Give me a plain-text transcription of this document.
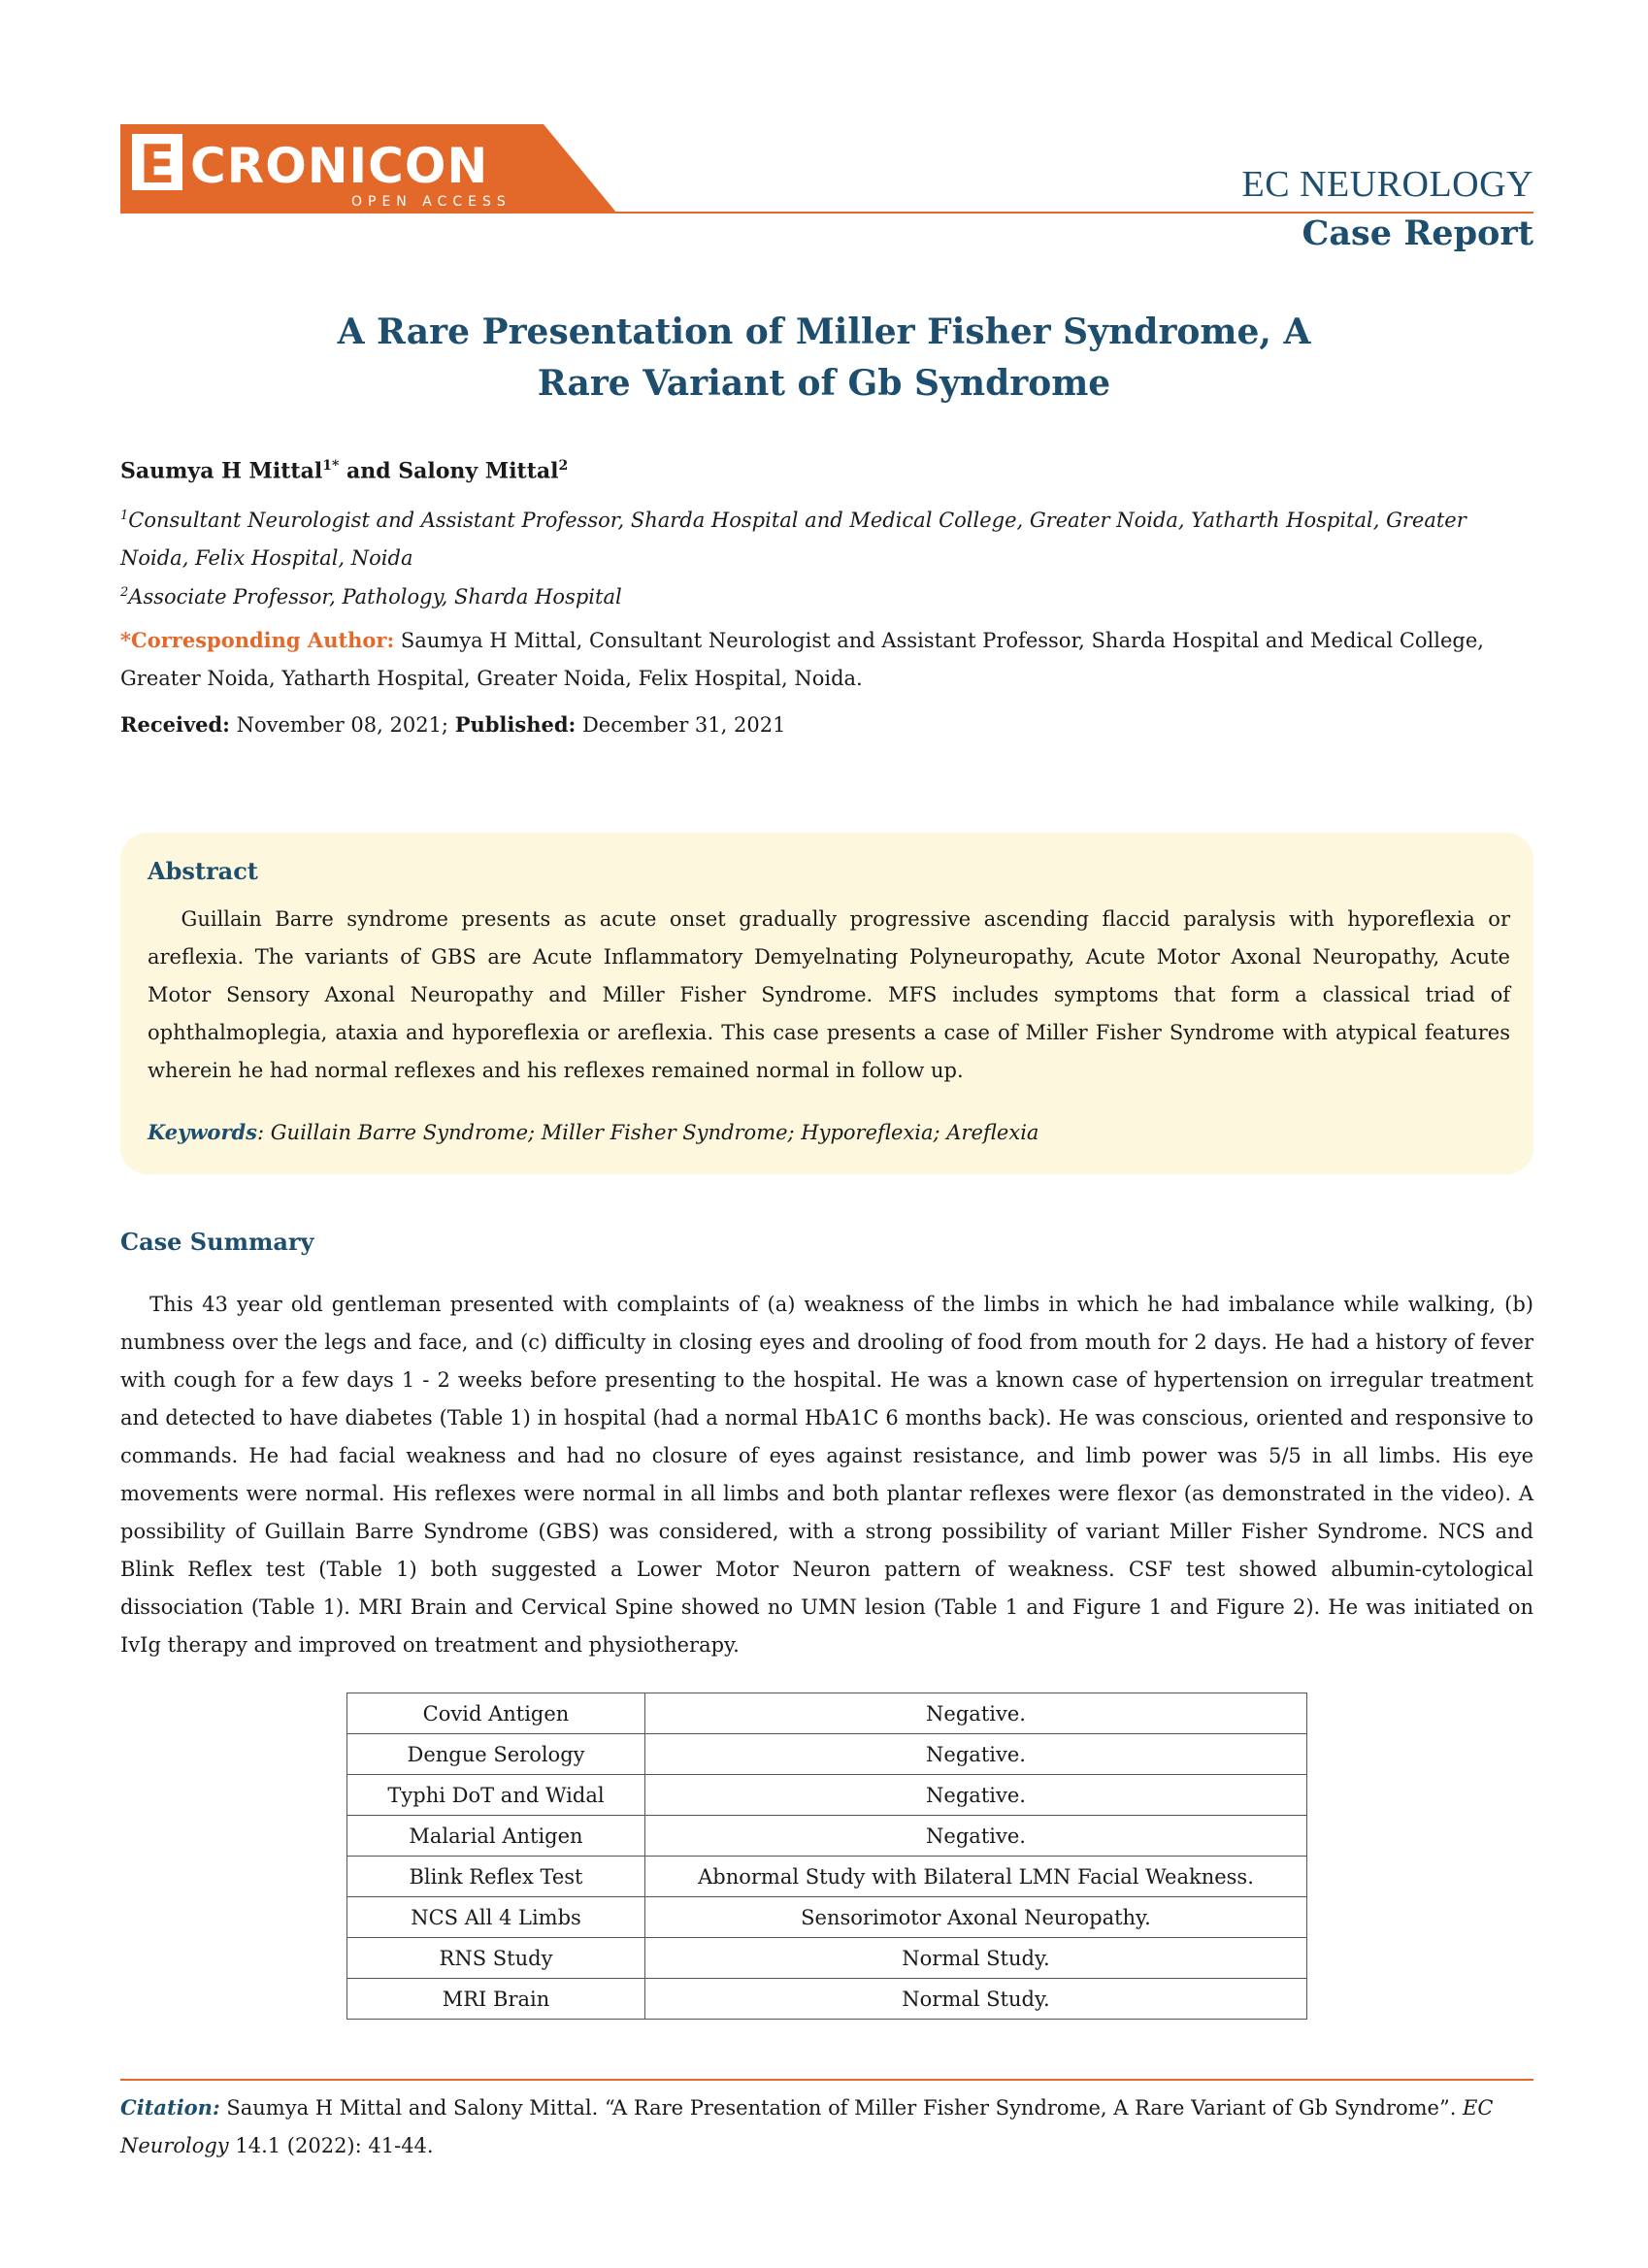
E CRONICON
OPEN ACCESS	EC NEUROLOGY
Case Report
A Rare Presentation of Miller Fisher Syndrome, A Rare Variant of Gb Syndrome
Saumya H Mittal$^{1*}$ and Salony Mittal$^2$
$^1$Consultant Neurologist and Assistant Professor, Sharda Hospital and Medical College, Greater Noida, Yatharth Hospital, Greater Noida, Felix Hospital, Noida
$^2$Associate Professor, Pathology, Sharda Hospital
*Corresponding Author: Saumya H Mittal, Consultant Neurologist and Assistant Professor, Sharda Hospital and Medical College, Greater Noida, Yatharth Hospital, Greater Noida, Felix Hospital, Noida.
Received: November 08, 2021; Published: December 31, 2021
Abstract
  Guillain Barre syndrome presents as acute onset gradually progressive ascending flaccid paralysis with hyporeflexia or areflexia. The variants of GBS are Acute Inflammatory Demyelnating Polyneuropathy, Acute Motor Axonal Neuropathy, Acute Motor Sensory Axonal Neuropathy and Miller Fisher Syndrome. MFS includes symptoms that form a classical triad of ophthalmoplegia, ataxia and hyporeflexia or areflexia. This case presents a case of Miller Fisher Syndrome with atypical features wherein he had normal reflexes and his reflexes remained normal in follow up.
Keywords: Guillain Barre Syndrome; Miller Fisher Syndrome; Hyporeflexia; Areflexia
Case Summary
  This 43 year old gentleman presented with complaints of (a) weakness of the limbs in which he had imbalance while walking, (b) numbness over the legs and face, and (c) difficulty in closing eyes and drooling of food from mouth for 2 days. He had a history of fever with cough for a few days 1 - 2 weeks before presenting to the hospital. He was a known case of hypertension on irregular treatment and detected to have diabetes (Table 1) in hospital (had a normal HbA1C 6 months back). He was conscious, oriented and responsive to commands. He had facial weakness and had no closure of eyes against resistance, and limb power was 5/5 in all limbs. His eye movements were normal. His reflexes were normal in all limbs and both plantar reflexes were flexor (as demonstrated in the video). A possibility of Guillain Barre Syndrome (GBS) was considered, with a strong possibility of variant Miller Fisher Syndrome. NCS and Blink Reflex test (Table 1) both suggested a Lower Motor Neuron pattern of weakness. CSF test showed albumin-cytological dissociation (Table 1). MRI Brain and Cervical Spine showed no UMN lesion (Table 1 and Figure 1 and Figure 2). He was initiated on IvIg therapy and improved on treatment and physiotherapy.
Covid Antigen	Negative.
Dengue Serology	Negative.
Typhi DoT and Widal	Negative.
Malarial Antigen	Negative.
Blink Reflex Test	Abnormal Study with Bilateral LMN Facial Weakness.
NCS All 4 Limbs	Sensorimotor Axonal Neuropathy.
RNS Study	Normal Study.
MRI Brain	Normal Study.
Citation: Saumya H Mittal and Salony Mittal. “A Rare Presentation of Miller Fisher Syndrome, A Rare Variant of Gb Syndrome”. EC Neurology 14.1 (2022): 41-44.
